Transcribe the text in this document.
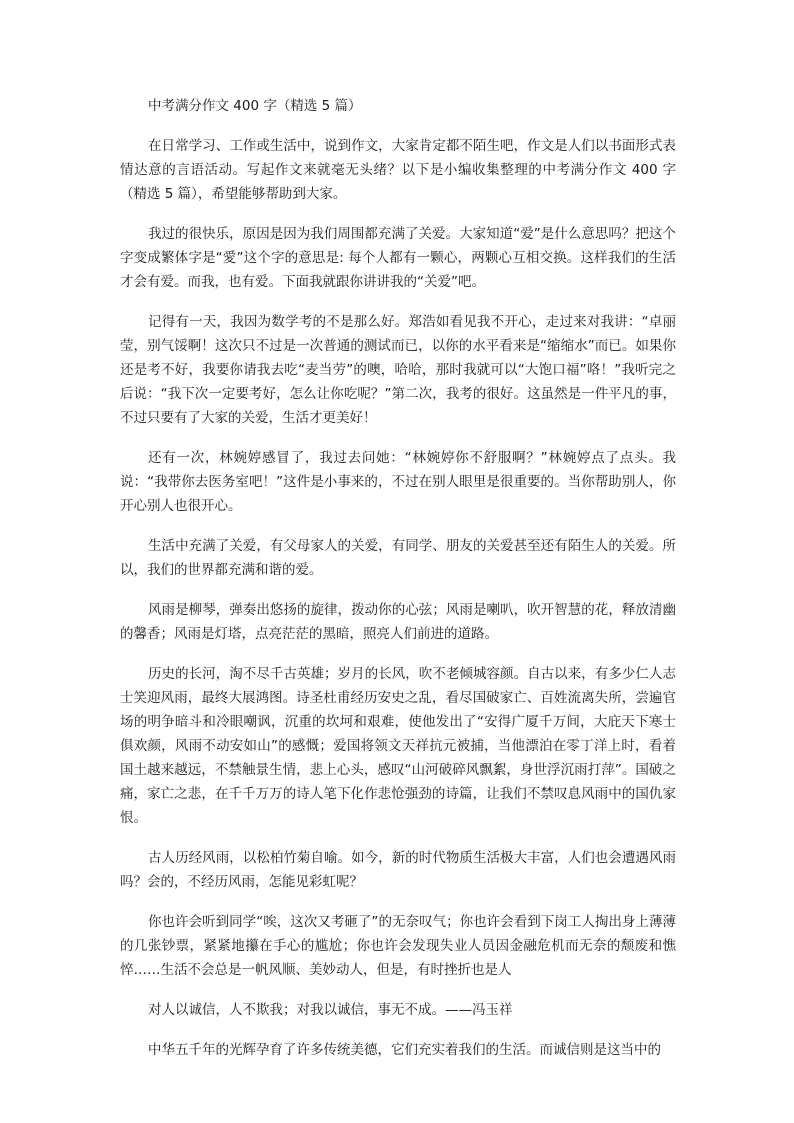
中考满分作文 400 字（精选 5 篇）

在日常学习、工作或生活中，说到作文，大家肯定都不陌生吧，作文是人们以书面形式表情达意的言语活动。写起作文来就毫无头绪？以下是小编收集整理的中考满分作文 400 字（精选 5 篇），希望能够帮助到大家。

我过的很快乐，原因是因为我们周围都充满了关爱。大家知道“爱”是什么意思吗？把这个字变成繁体字是“愛”这个字的意思是: 每个人都有一颗心，两颗心互相交换。这样我们的生活才会有爱。而我，也有爱。下面我就跟你讲讲我的“关爱”吧。

记得有一天，我因为数学考的不是那么好。郑浩如看见我不开心，走过来对我讲：“卓丽莹，别气馁啊！这次只不过是一次普通的测试而已，以你的水平看来是“缩缩水”而已。如果你还是考不好，我要你请我去吃“麦当劳”的噢，哈哈，那时我就可以“大饱口福”咯！”我听完之后说：“我下次一定要考好，怎么让你吃呢？”第二次，我考的很好。这虽然是一件平凡的事，不过只要有了大家的关爱，生活才更美好！

还有一次，林婉婷感冒了，我过去问她：“林婉婷你不舒服啊？”林婉婷点了点头。我说：“我带你去医务室吧！”这件是小事来的，不过在别人眼里是很重要的。当你帮助别人，你开心别人也很开心。

生活中充满了关爱，有父母家人的关爱，有同学、朋友的关爱甚至还有陌生人的关爱。所以，我们的世界都充满和谐的爱。

风雨是柳琴，弹奏出悠扬的旋律，拨动你的心弦；风雨是喇叭，吹开智慧的花，释放清幽的馨香；风雨是灯塔，点亮茫茫的黑暗，照亮人们前进的道路。

历史的长河，淘不尽千古英雄；岁月的长风，吹不老倾城容颜。自古以来，有多少仁人志士笑迎风雨，最终大展鸿图。诗圣杜甫经历安史之乱，看尽国破家亡、百姓流离失所，尝遍官场的明争暗斗和冷眼嘲讽，沉重的坎坷和艰难，使他发出了“安得广厦千万间，大庇天下寒士俱欢颜，风雨不动安如山”的感慨；爱国将领文天祥抗元被捕，当他漂泊在零丁洋上时，看着国土越来越远，不禁触景生情，悲上心头，感叹“山河破碎风飘絮，身世浮沉雨打萍”。国破之痛，家亡之悲，在千千万万的诗人笔下化作悲怆强劲的诗篇，让我们不禁叹息风雨中的国仇家恨。

古人历经风雨，以松柏竹菊自喻。如今，新的时代物质生活极大丰富，人们也会遭遇风雨吗？会的，不经历风雨，怎能见彩虹呢？

你也许会听到同学“唉，这次又考砸了”的无奈叹气；你也许会看到下岗工人掏出身上薄薄的几张钞票，紧紧地攥在手心的尴尬；你也许会发现失业人员因金融危机而无奈的颓废和憔悴……生活不会总是一帆风顺、美妙动人，但是，有时挫折也是人

对人以诚信，人不欺我；对我以诚信，事无不成。——冯玉祥

中华五千年的光辉孕育了许多传统美德，它们充实着我们的生活。而诚信则是这当中的
